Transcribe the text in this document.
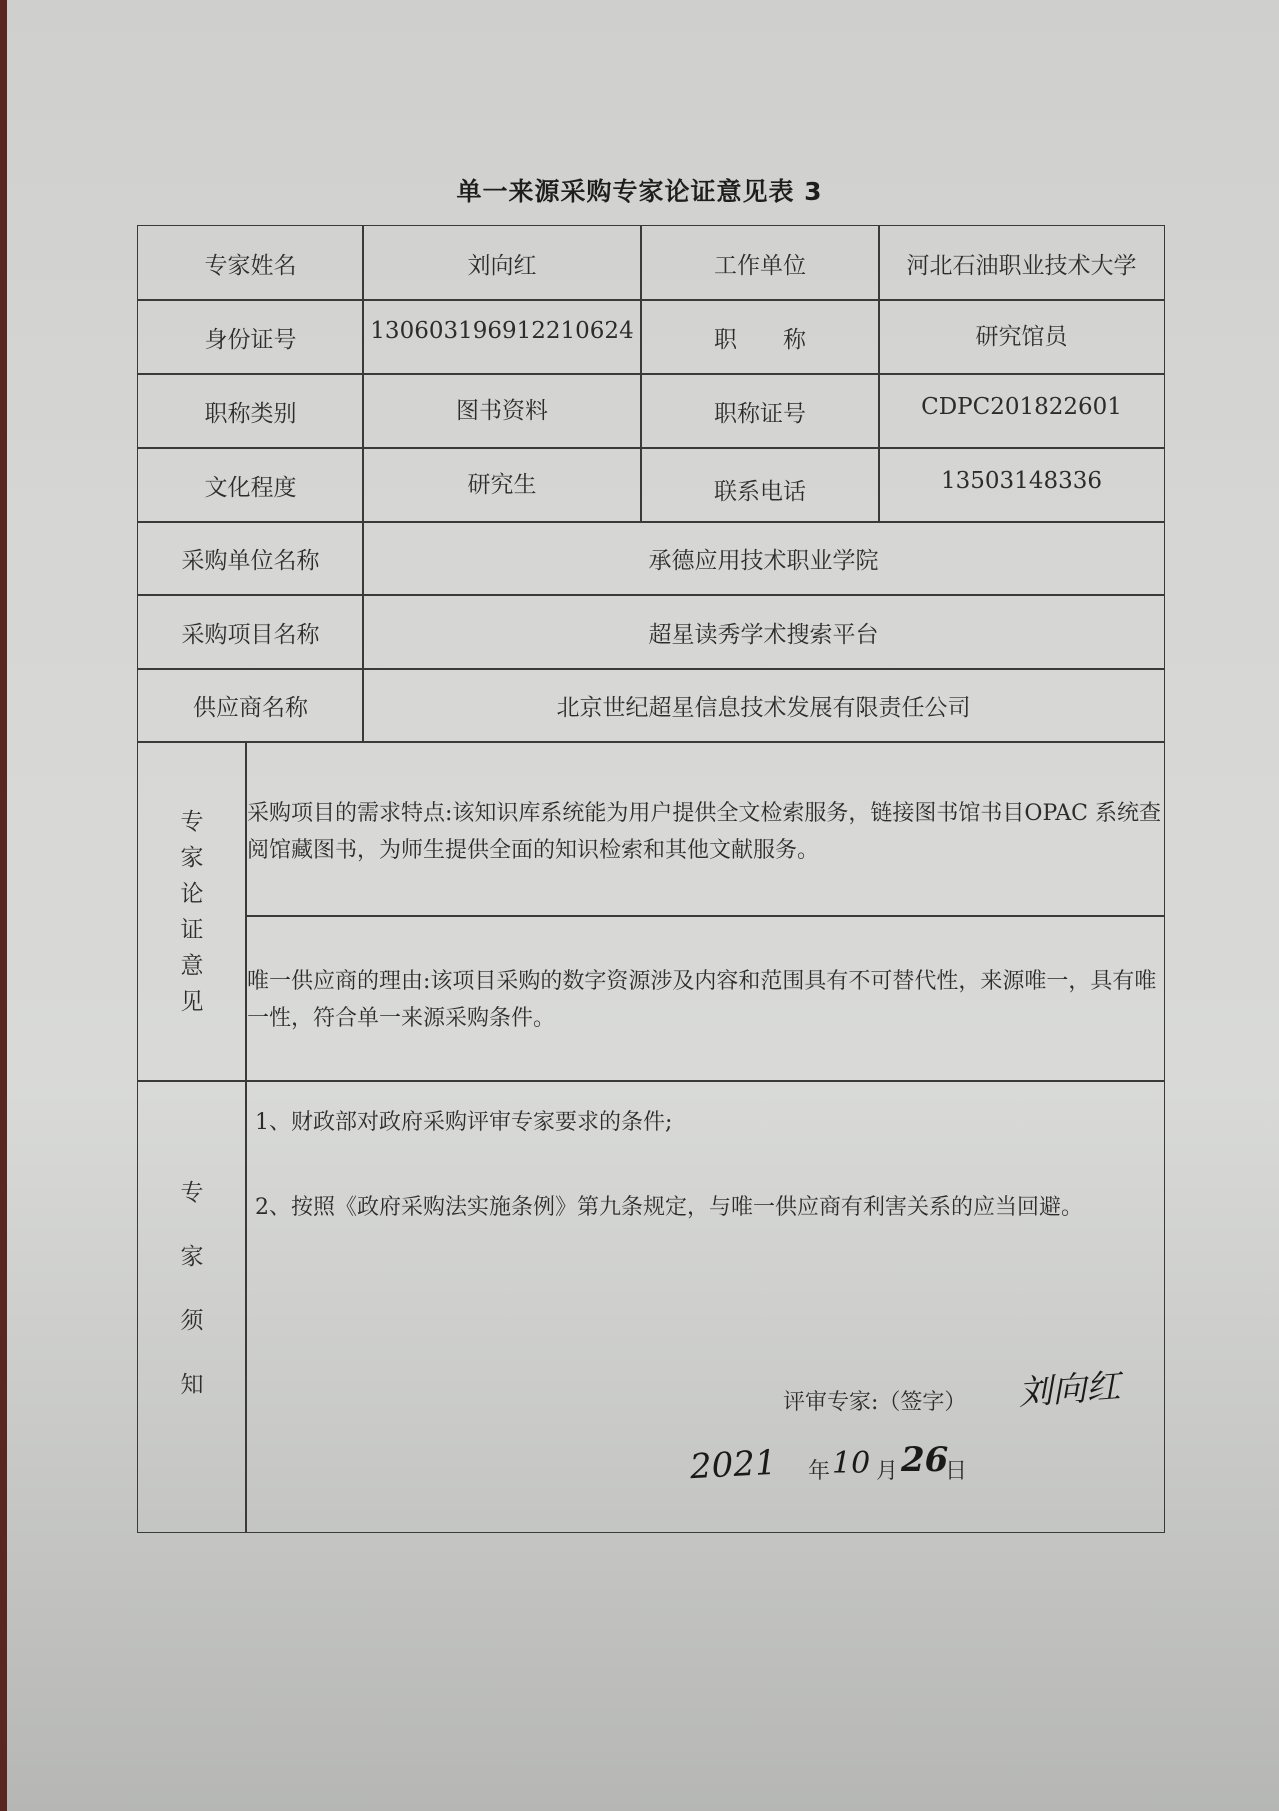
单一来源采购专家论证意见表 3
专家姓名	刘向红	工作单位	河北石油职业技术大学
身份证号	130603196912210624	职　　称	研究馆员
职称类别	图书资料	职称证号	CDPC201822601
文化程度	研究生	联系电话	13503148336
采购单位名称	承德应用技术职业学院
采购项目名称	超星读秀学术搜索平台
供应商名称	北京世纪超星信息技术发展有限责任公司
专
家
论
证
意
见
采购项目的需求特点:该知识库系统能为用户提供全文检索服务，链接图书馆书目OPAC 系统查阅馆藏图书，为师生提供全面的知识检索和其他文献服务。
唯一供应商的理由:该项目采购的数字资源涉及内容和范围具有不可替代性，来源唯一，具有唯一性，符合单一来源采购条件。
专
家
须
知
1、财政部对政府采购评审专家要求的条件;
2、按照《政府采购法实施条例》第九条规定，与唯一供应商有利害关系的应当回避。
评审专家:（签字） 刘向红
2021 年 10 月 26
日
